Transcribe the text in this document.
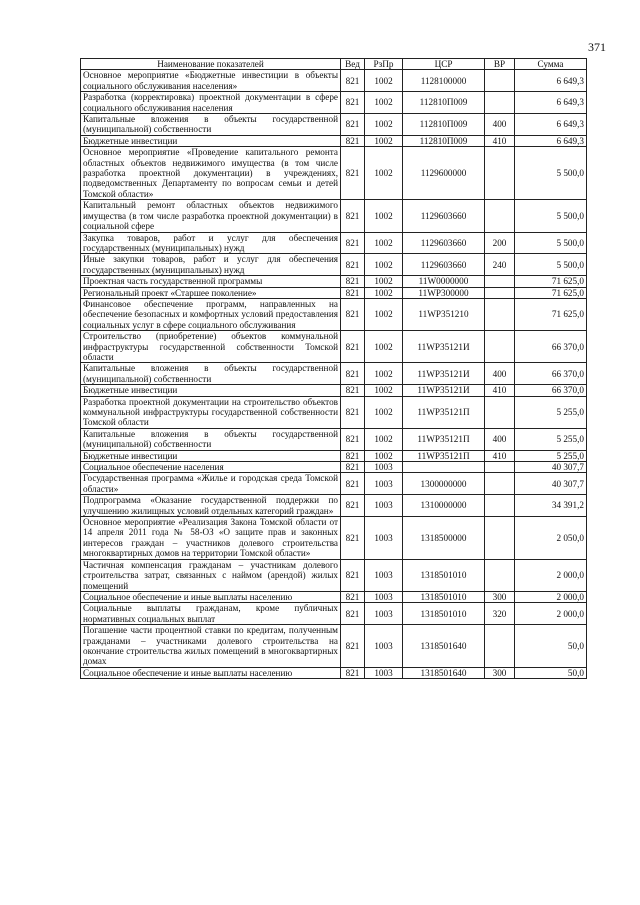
371
Наименование показателей	Вед	РзПр	ЦСР	ВР	Сумма
Основное мероприятие «Бюджетные инвестиции в объекты социального обслуживания населения»	821	1002	1128100000		6 649,3
Разработка (корректировка) проектной документации в сфере социального обслуживания населения	821	1002	112810П009		6 649,3
Капитальные вложения в объекты государственной (муниципальной) собственности	821	1002	112810П009	400	6 649,3
Бюджетные инвестиции	821	1002	112810П009	410	6 649,3
Основное мероприятие «Проведение капитального ремонта областных объектов недвижимого имущества (в том числе разработка проектной документации) в учреждениях, подведомственных Департаменту по вопросам семьи и детей Томской области»	821	1002	1129600000		5 500,0
Капитальный ремонт областных объектов недвижимого имущества (в том числе разработка проектной документации) в социальной сфере	821	1002	1129603660		5 500,0
Закупка товаров, работ и услуг для обеспечения государственных (муниципальных) нужд	821	1002	1129603660	200	5 500,0
Иные закупки товаров, работ и услуг для обеспечения государственных (муниципальных) нужд	821	1002	1129603660	240	5 500,0
Проектная часть государственной программы	821	1002	11W0000000		71 625,0
Региональный проект «Старшее поколение»	821	1002	11WP300000		71 625,0
Финансовое обеспечение программ, направленных на обеспечение безопасных и комфортных условий предоставления социальных услуг в сфере социального обслуживания	821	1002	11WP351210		71 625,0
Строительство (приобретение) объектов коммунальной инфраструктуры государственной собственности Томской области	821	1002	11WP35121И		66 370,0
Капитальные вложения в объекты государственной (муниципальной) собственности	821	1002	11WP35121И	400	66 370,0
Бюджетные инвестиции	821	1002	11WP35121И	410	66 370,0
Разработка проектной документации на строительство объектов коммунальной инфраструктуры государственной собственности Томской области	821	1002	11WP35121П		5 255,0
Капитальные вложения в объекты государственной (муниципальной) собственности	821	1002	11WP35121П	400	5 255,0
Бюджетные инвестиции	821	1002	11WP35121П	410	5 255,0
Социальное обеспечение населения	821	1003			40 307,7
Государственная программа «Жилье и городская среда Томской области»	821	1003	1300000000		40 307,7
Подпрограмма «Оказание государственной поддержки по улучшению жилищных условий отдельных категорий граждан»	821	1003	1310000000		34 391,2
Основное мероприятие «Реализация Закона Томской области от 14 апреля 2011 года № 58-ОЗ «О защите прав и законных интересов граждан – участников долевого строительства многоквартирных домов на территории Томской области»	821	1003	1318500000		2 050,0
Частичная компенсация гражданам – участникам долевого строительства затрат, связанных с наймом (арендой) жилых помещений	821	1003	1318501010		2 000,0
Социальное обеспечение и иные выплаты населению	821	1003	1318501010	300	2 000,0
Социальные выплаты гражданам, кроме публичных нормативных социальных выплат	821	1003	1318501010	320	2 000,0
Погашение части процентной ставки по кредитам, полученным гражданами – участниками долевого строительства на окончание строительства жилых помещений в многоквартирных домах	821	1003	1318501640		50,0
Социальное обеспечение и иные выплаты населению	821	1003	1318501640	300	50,0
